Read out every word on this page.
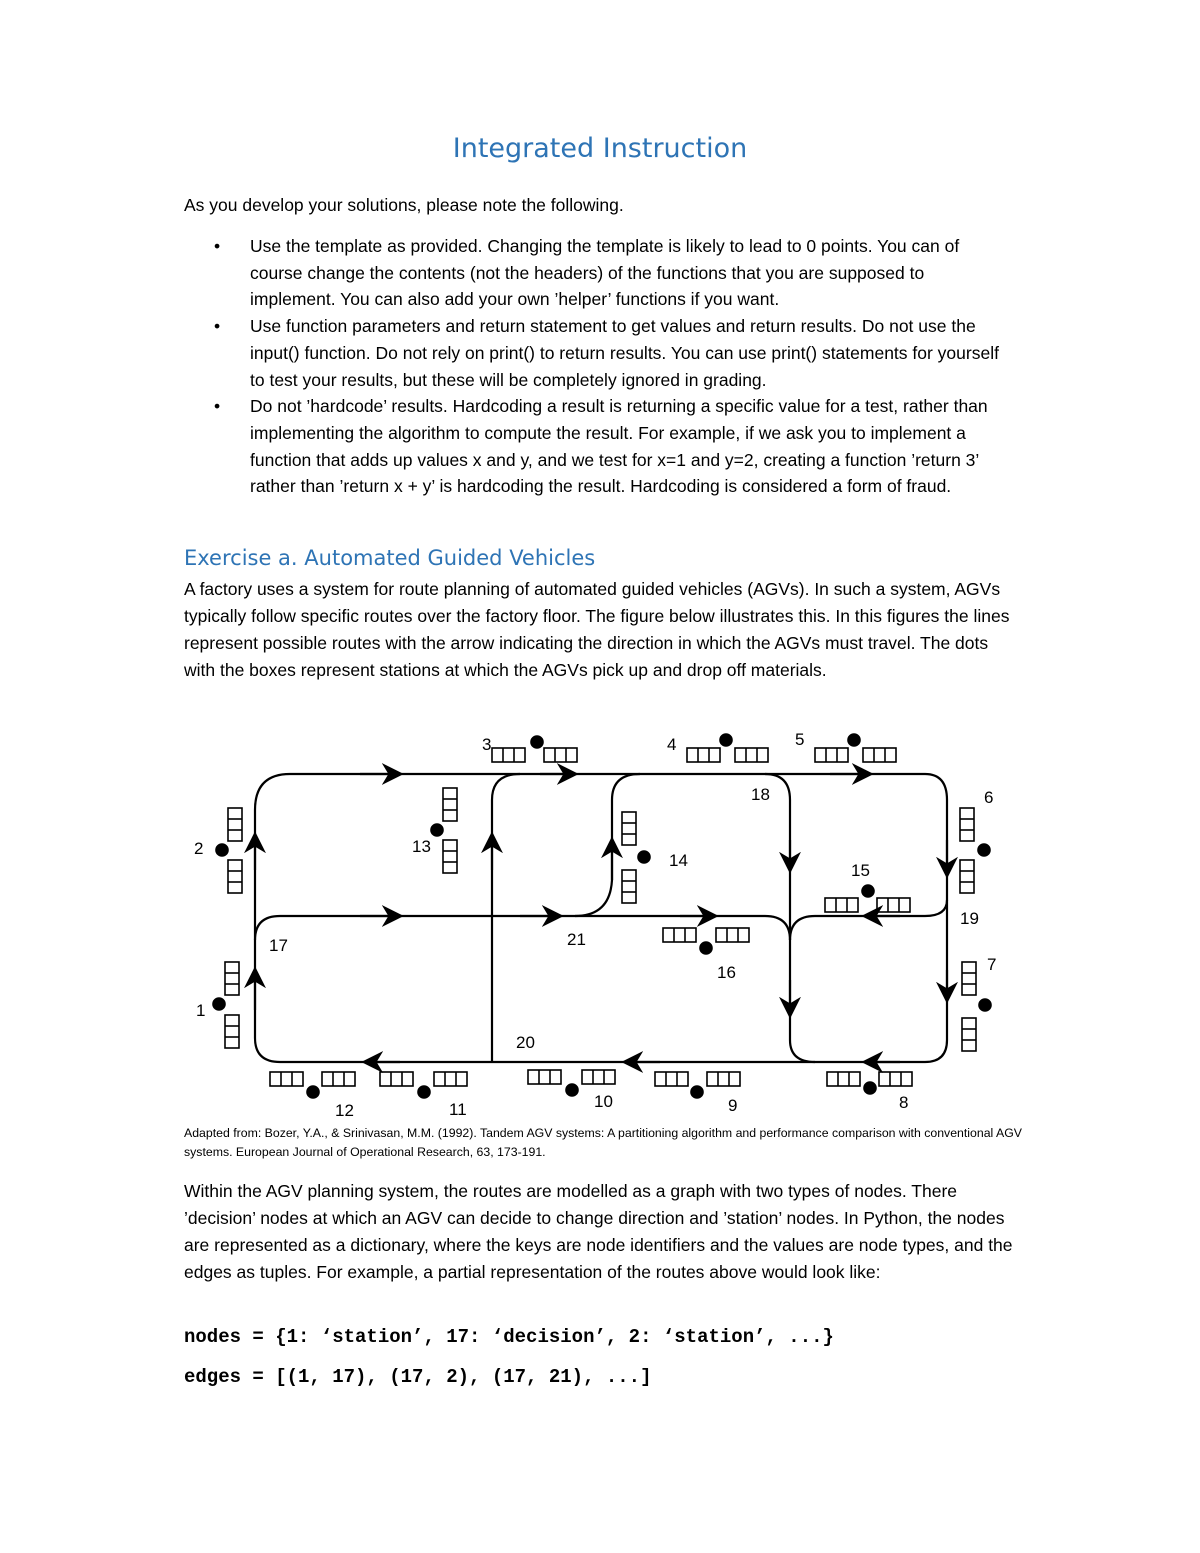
Integrated Instruction
As you develop your solutions, please note the following.
• Use the template as provided. Changing the template is likely to lead to 0 points. You can of course change the contents (not the headers) of the functions that you are supposed to implement. You can also add your own ’helper’ functions if you want.
• Use function parameters and return statement to get values and return results. Do not use the input() function. Do not rely on print() to return results. You can use print() statements for yourself to test your results, but these will be completely ignored in grading.
• Do not ’hardcode’ results. Hardcoding a result is returning a specific value for a test, rather than implementing the algorithm to compute the result. For example, if we ask you to implement a function that adds up values x and y, and we test for x=1 and y=2, creating a function ’return 3’ rather than ’return x + y’ is hardcoding the result. Hardcoding is considered a form of fraud.
Exercise a. Automated Guided Vehicles
A factory uses a system for route planning of automated guided vehicles (AGVs). In such a system, AGVs typically follow specific routes over the factory floor. The figure below illustrates this. In this figures the lines represent possible routes with the arrow indicating the direction in which the AGVs must travel. The dots with the boxes represent stations at which the AGVs pick up and drop off materials.
1
2
3	4	5
6
7
8
9
10
11
12
13
14
15
16
17
18
19
20
21
Adapted from: Bozer, Y.A., & Srinivasan, M.M. (1992). Tandem AGV systems: A partitioning algorithm and performance comparison with conventional AGV systems. European Journal of Operational Research, 63, 173-191.
Within the AGV planning system, the routes are modelled as a graph with two types of nodes. There ’decision’ nodes at which an AGV can decide to change direction and ’station’ nodes. In Python, the nodes are represented as a dictionary, where the keys are node identifiers and the values are node types, and the edges as tuples. For example, a partial representation of the routes above would look like:
nodes = {1: ‘station’, 17: ‘decision’, 2: ‘station’, ...}
edges = [(1, 17), (17, 2), (17, 21), ...]
